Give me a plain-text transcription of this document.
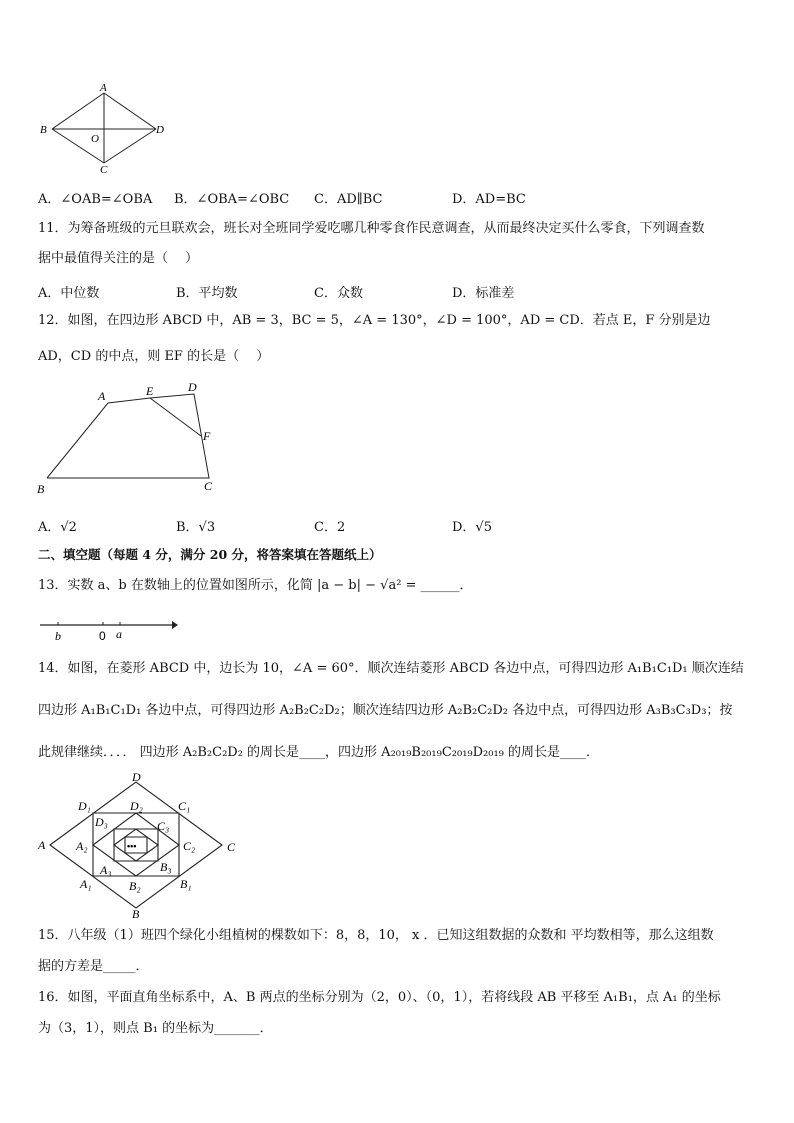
A
B	D
C
O
A．∠OAB=∠OBA B．∠OBA=∠OBC C．AD∥BC	D．AD=BC
11．为筹备班级的元旦联欢会，班长对全班同学爱吃哪几种零食作民意调查，从而最终决定买什么零食，下列调查数
据中最值得关注的是（　 ）
A．中位数	B．平均数	C．众数	D．标准差
12．如图，在四边形 ABCD 中，AB = 3，BC = 5，∠A = 130°，∠D = 100°，AD = CD．若点 E，F 分别是边
AD，CD 的中点，则 EF 的长是（　 ）
A	E	D
F
B	C
A．√2	B．√3	C．2	D．√5
二、填空题（每题 4 分，满分 20 分，将答案填在答题纸上）
13．实数 a、b 在数轴上的位置如图所示，化简 |a − b| − √a² = ______．
b	0 a
14．如图，在菱形 ABCD 中，边长为 10，∠A = 60°．顺次连结菱形 ABCD 各边中点，可得四边形 A₁B₁C₁D₁ 顺次连结
四边形 A₁B₁C₁D₁ 各边中点，可得四边形 A₂B₂C₂D₂；顺次连结四边形 A₂B₂C₂D₂ 各边中点，可得四边形 A₃B₃C₃D₃；按
此规律继续．．．． 四边形 A₂B₂C₂D₂ 的周长是____，四边形 A₂₀₁₉B₂₀₁₉C₂₀₁₉D₂₀₁₉ 的周长是____．
•••
D
A	C
B
D₁	C₁
A₁	B₁
D₂
A₂	C₂
B₂
D₃	C₃
A₃	B₃
15．八年级（1）班四个绿化小组植树的棵数如下：8，8，10， x ．已知这组数据的众数和 平均数相等，那么这组数
据的方差是_____．
16．如图，平面直角坐标系中，A、B 两点的坐标分别为（2，0）、（0，1），若将线段 AB 平移至 A₁B₁，点 A₁ 的坐标
为（3，1），则点 B₁ 的坐标为_______．
